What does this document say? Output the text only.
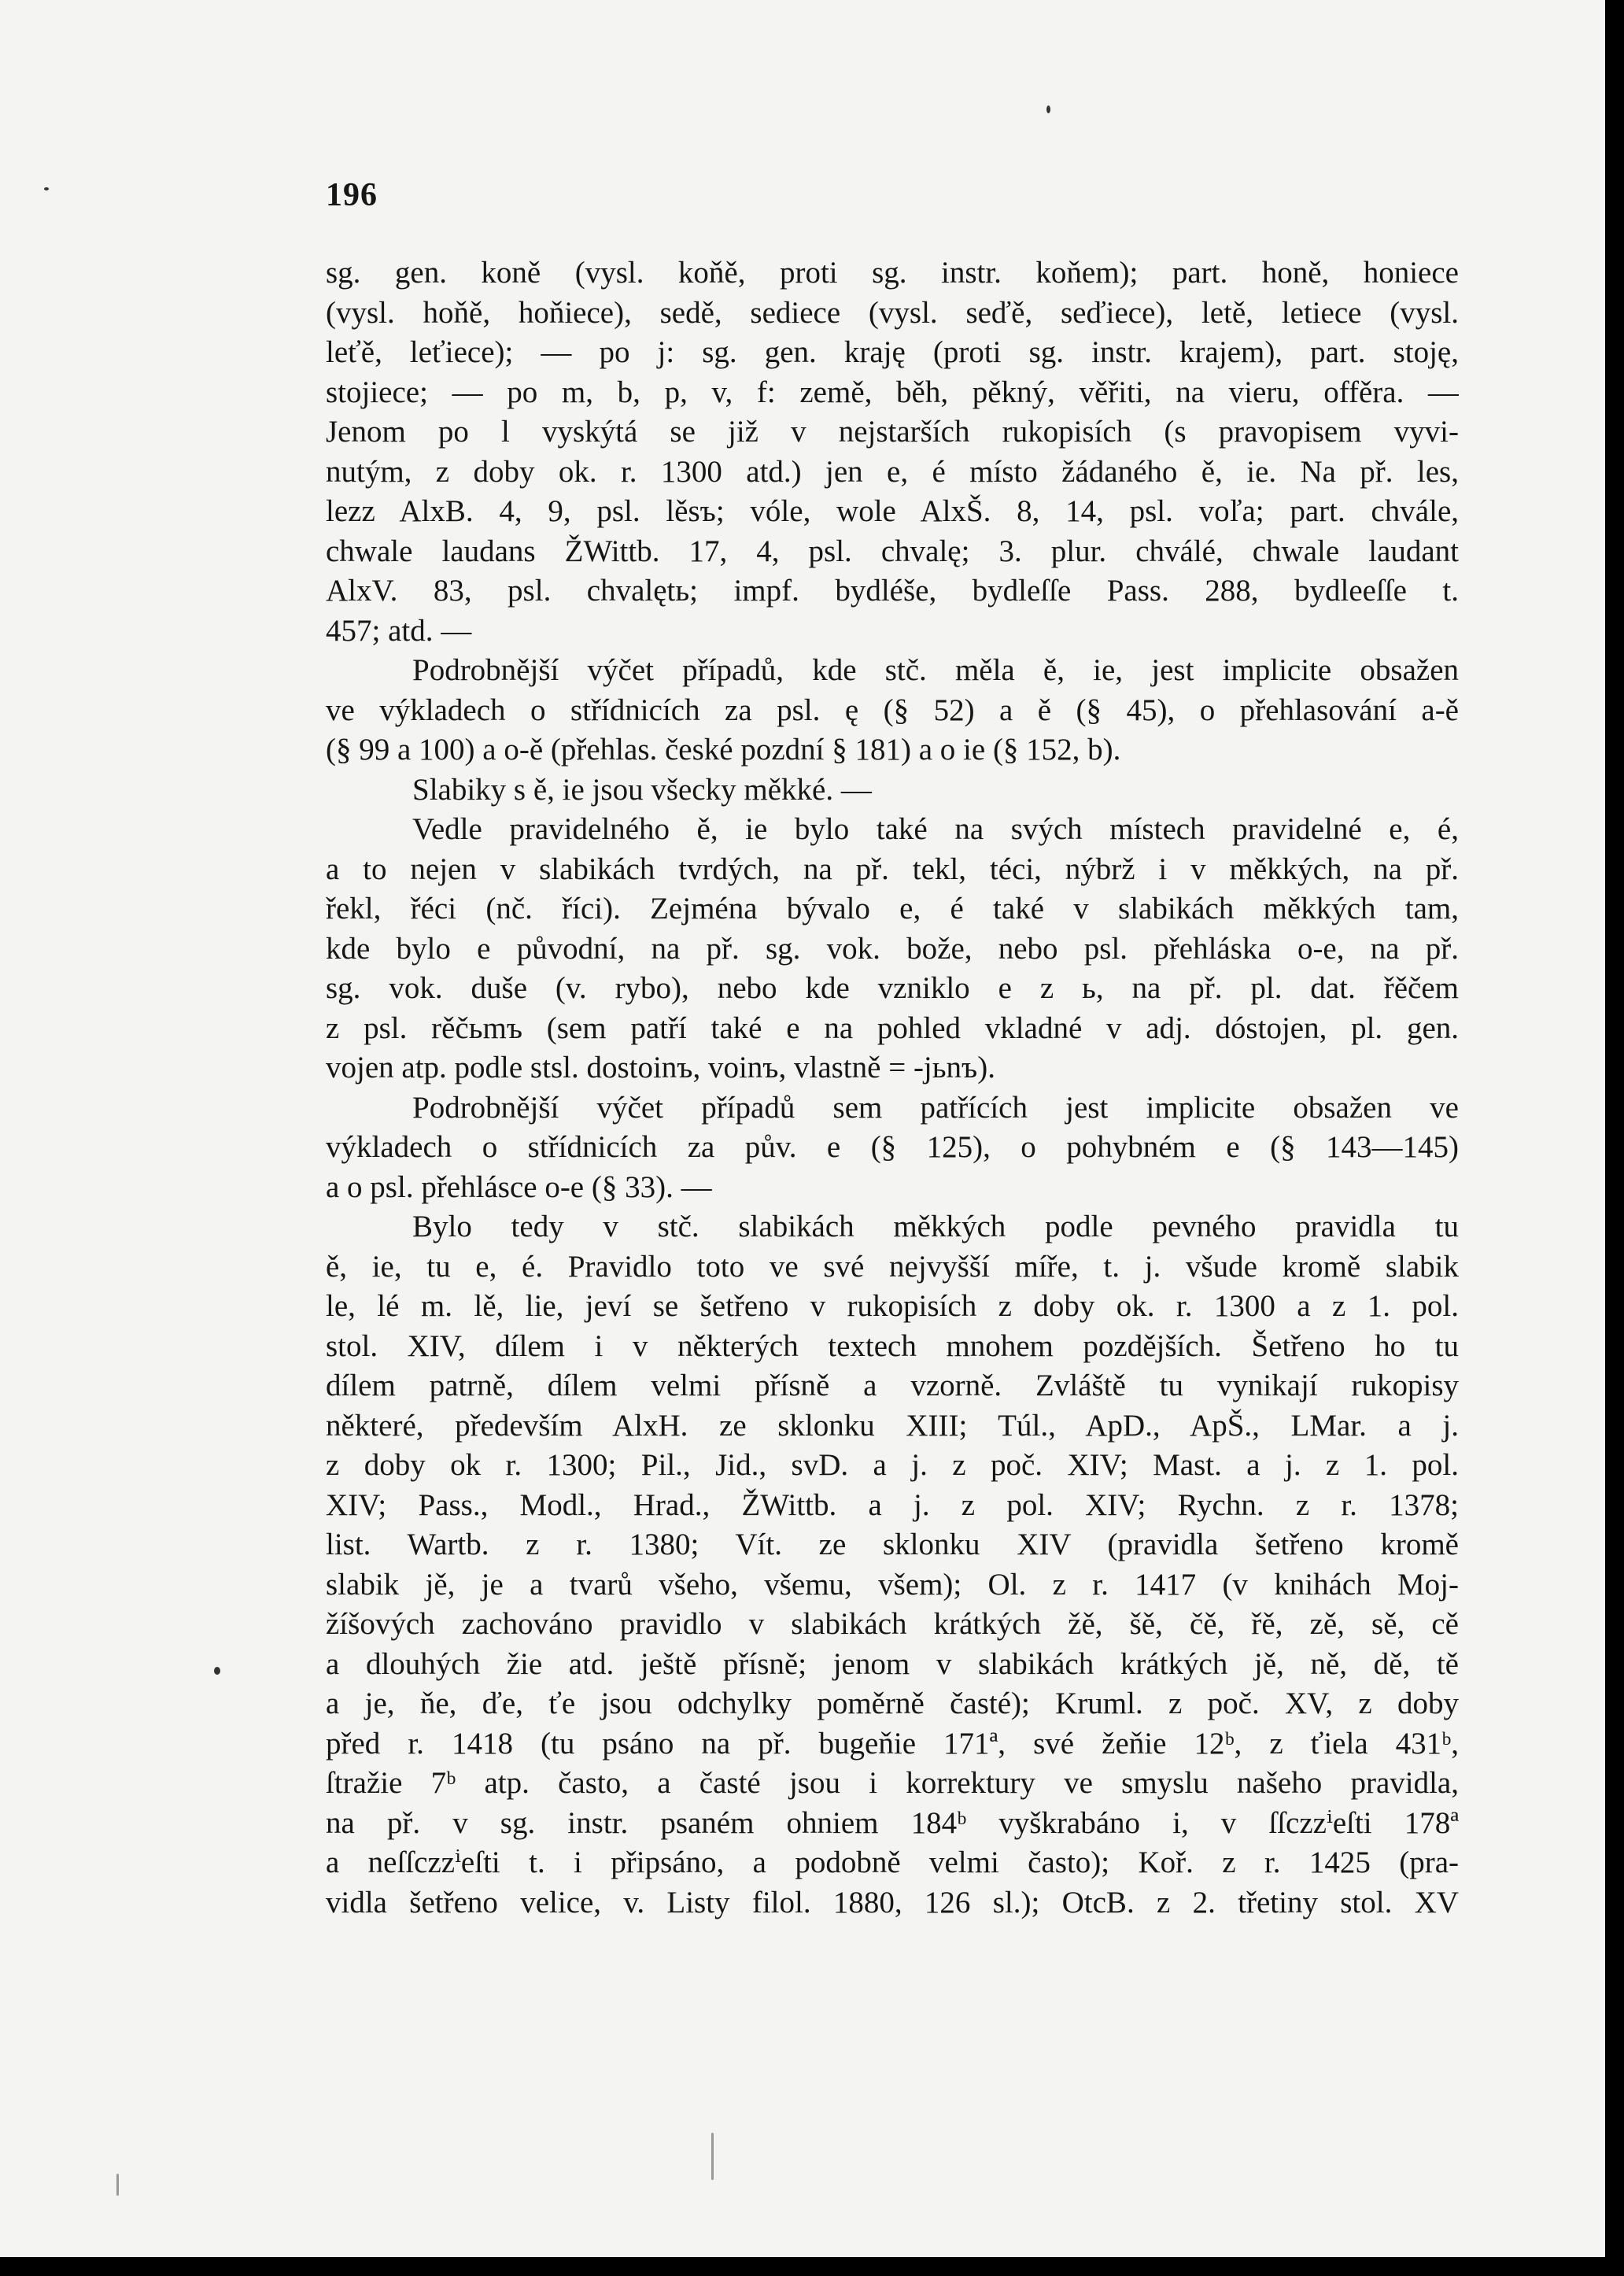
196
sg. gen. koně (vysl. koňě, proti sg. instr. koňem); part. honě, honiece
(vysl. hoňě, hoňiece), sedě, sediece (vysl. seďě, seďiece), letě, letiece (vysl.
leťě, leťiece); — po j: sg. gen. kraję (proti sg. instr. krajem), part. stoję,
stojiece; — po m, b, p, v, f: země, běh, pěkný, věřiti, na vieru, offěra. —
Jenom po l vyskýtá se již v nejstarších rukopisích (s pravopisem vyvi-
nutým, z doby ok. r. 1300 atd.) jen e, é místo žádaného ě, ie. Na př. les,
lezz AlxB. 4, 9, psl. lěsъ; vóle, wole AlxŠ. 8, 14, psl. voľa; part. chvále,
chwale laudans ŽWittb. 17, 4, psl. chvalę; 3. plur. chválé, chwale laudant
AlxV. 83, psl. chvalętь; impf. bydléše, bydleſſe Pass. 288, bydleeſſe t.
457; atd. —
Podrobnější výčet případů, kde stč. měla ě, ie, jest implicite obsažen
ve výkladech o střídnicích za psl. ę (§ 52) a ě (§ 45), o přehlasování a-ě
(§ 99 a 100) a o-ě (přehlas. české pozdní § 181) a o ie (§ 152, b).
Slabiky s ě, ie jsou všecky měkké. —
Vedle pravidelného ě, ie bylo také na svých místech pravidelné e, é,
a to nejen v slabikách tvrdých, na př. tekl, téci, nýbrž i v měkkých, na př.
řekl, řéci (nč. říci). Zejména bývalo e, é také v slabikách měkkých tam,
kde bylo e původní, na př. sg. vok. bože, nebo psl. přehláska o-e, na př.
sg. vok. duše (v. rybo), nebo kde vzniklo e z ь, na př. pl. dat. řěčem
z psl. rěčьmъ (sem patří také e na pohled vkladné v adj. dóstojen, pl. gen.
vojen atp. podle stsl. dostoinъ, voinъ, vlastně = -jьnъ).
Podrobnější výčet případů sem patřících jest implicite obsažen ve
výkladech o střídnicích za pův. e (§ 125), o pohybném e (§ 143—145)
a o psl. přehlásce o-e (§ 33). —
Bylo tedy v stč. slabikách měkkých podle pevného pravidla tu
ě, ie, tu e, é. Pravidlo toto ve své nejvyšší míře, t. j. všude kromě slabik
le, lé m. lě, lie, jeví se šetřeno v rukopisích z doby ok. r. 1300 a z 1. pol.
stol. XIV, dílem i v některých textech mnohem pozdějších. Šetřeno ho tu
dílem patrně, dílem velmi přísně a vzorně. Zvláště tu vynikají rukopisy
některé, především AlxH. ze sklonku XIII; Túl., ApD., ApŠ., LMar. a j.
z doby ok r. 1300; Pil., Jid., svD. a j. z poč. XIV; Mast. a j. z 1. pol.
XIV; Pass., Modl., Hrad., ŽWittb. a j. z pol. XIV; Rychn. z r. 1378;
list. Wartb. z r. 1380; Vít. ze sklonku XIV (pravidla šetřeno kromě
slabik jě, je a tvarů všeho, všemu, všem); Ol. z r. 1417 (v knihách Moj-
žíšových zachováno pravidlo v slabikách krátkých žě, šě, čě, řě, zě, sě, cě
a dlouhých žie atd. ještě přísně; jenom v slabikách krátkých jě, ně, dě, tě
a je, ňe, ďe, ťe jsou odchylky poměrně časté); Kruml. z poč. XV, z doby
před r. 1418 (tu psáno na př. bugeňie 171ª, své žeňie 12ᵇ, z ťiela 431ᵇ,
ſtražie 7ᵇ atp. často, a časté jsou i korrektury ve smyslu našeho pravidla,
na př. v sg. instr. psaném ohniem 184ᵇ vyškrabáno i, v ſſczzⁱeſti 178ª
a neſſczzⁱeſti t. i připsáno, a podobně velmi často); Koř. z r. 1425 (pra-
vidla šetřeno velice, v. Listy filol. 1880, 126 sl.); OtcB. z 2. třetiny stol. XV
